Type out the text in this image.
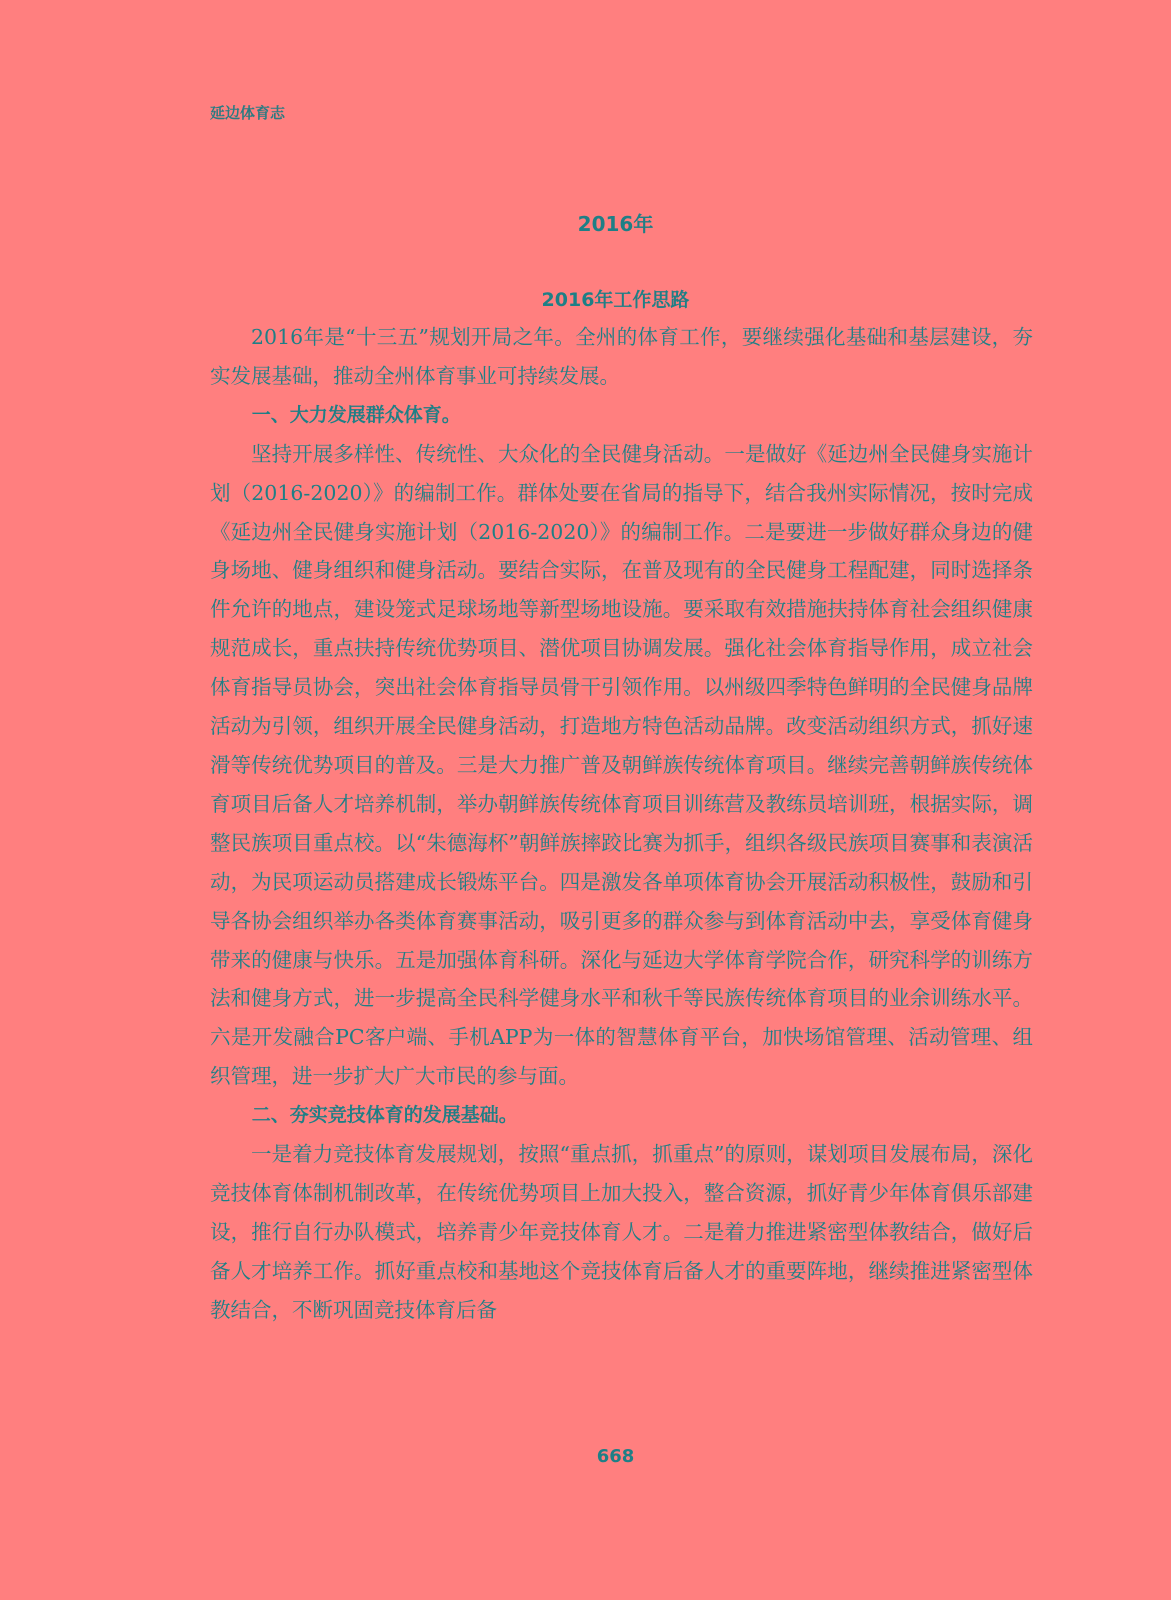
延边体育志
2016年
2016年工作思路

2016年是“十三五”规划开局之年。全州的体育工作，要继续强化基础和基层建设，夯实发展基础，推动全州体育事业可持续发展。

一、大力发展群众体育。

坚持开展多样性、传统性、大众化的全民健身活动。一是做好《延边州全民健身实施计划（2016-2020）》的编制工作。群体处要在省局的指导下，结合我州实际情况，按时完成《延边州全民健身实施计划（2016-2020）》的编制工作。二是要进一步做好群众身边的健身场地、健身组织和健身活动。要结合实际，在普及现有的全民健身工程配建，同时选择条件允许的地点，建设笼式足球场地等新型场地设施。要采取有效措施扶持体育社会组织健康规范成长，重点扶持传统优势项目、潜优项目协调发展。强化社会体育指导作用，成立社会体育指导员协会，突出社会体育指导员骨干引领作用。以州级四季特色鲜明的全民健身品牌活动为引领，组织开展全民健身活动，打造地方特色活动品牌。改变活动组织方式，抓好速滑等传统优势项目的普及。三是大力推广普及朝鲜族传统体育项目。继续完善朝鲜族传统体育项目后备人才培养机制，举办朝鲜族传统体育项目训练营及教练员培训班，根据实际，调整民族项目重点校。以“朱德海杯”朝鲜族摔跤比赛为抓手，组织各级民族项目赛事和表演活动，为民项运动员搭建成长锻炼平台。四是激发各单项体育协会开展活动积极性，鼓励和引导各协会组织举办各类体育赛事活动，吸引更多的群众参与到体育活动中去，享受体育健身带来的健康与快乐。五是加强体育科研。深化与延边大学体育学院合作，研究科学的训练方法和健身方式，进一步提高全民科学健身水平和秋千等民族传统体育项目的业余训练水平。六是开发融合PC客户端、手机APP为一体的智慧体育平台，加快场馆管理、活动管理、组织管理，进一步扩大广大市民的参与面。

二、夯实竞技体育的发展基础。

一是着力竞技体育发展规划，按照“重点抓，抓重点”的原则，谋划项目发展布局，深化竞技体育体制机制改革，在传统优势项目上加大投入，整合资源，抓好青少年体育俱乐部建设，推行自行办队模式，培养青少年竞技体育人才。二是着力推进紧密型体教结合，做好后备人才培养工作。抓好重点校和基地这个竞技体育后备人才的重要阵地，继续推进紧密型体教结合，不断巩固竞技体育后备

668
